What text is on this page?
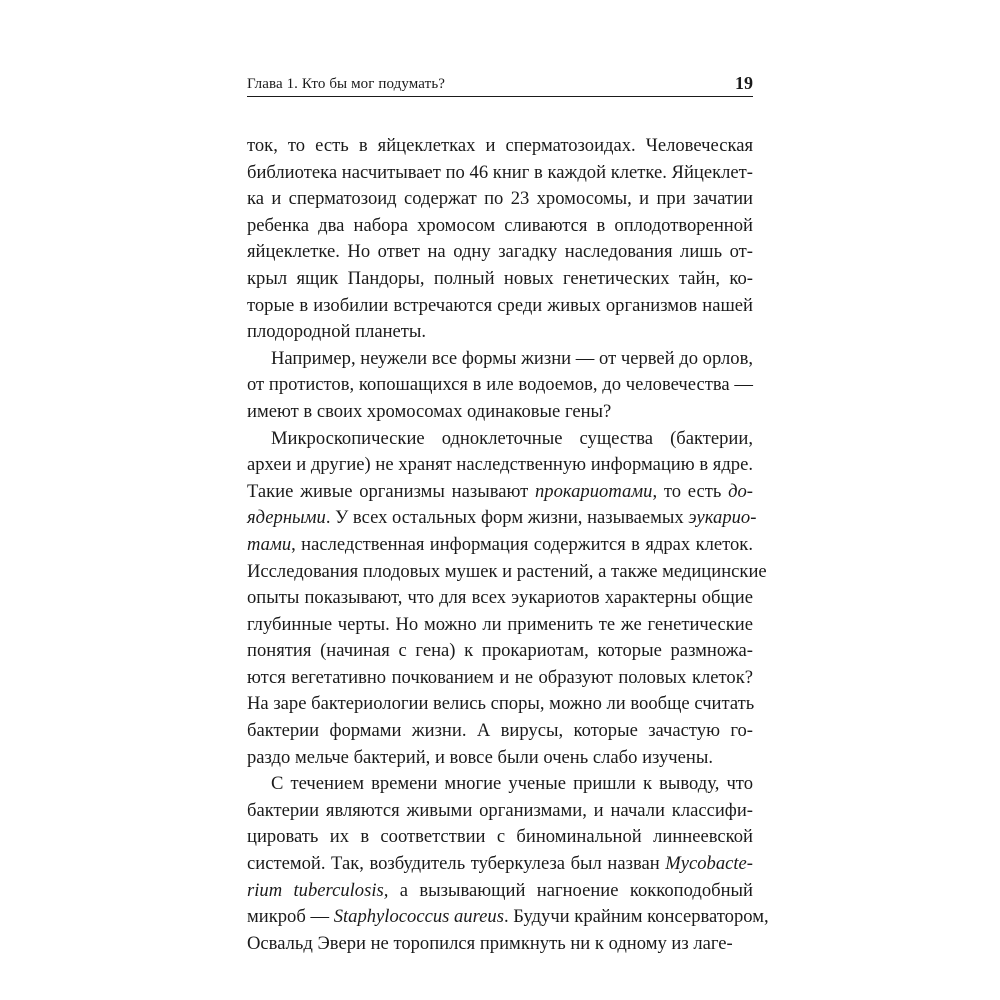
Глава 1. Кто бы мог подумать?	19
ток, то есть в яйцеклетках и сперматозоидах. Человеческая
библиотека насчитывает по 46 книг в каждой клетке. Яйцеклет-
ка и сперматозоид содержат по 23 хромосомы, и при зачатии
ребенка два набора хромосом сливаются в оплодотворенной
яйцеклетке. Но ответ на одну загадку наследования лишь от-
крыл ящик Пандоры, полный новых генетических тайн, ко-
торые в изобилии встречаются среди живых организмов нашей
плодородной планеты.
Например, неужели все формы жизни — от червей до орлов,
от протистов, копошащихся в иле водоемов, до человечества —
имеют в своих хромосомах одинаковые гены?
Микроскопические одноклеточные существа (бактерии,
археи и другие) не хранят наследственную информацию в ядре.
Такие живые организмы называют прокариотами, то есть до-
ядерными. У всех остальных форм жизни, называемых эукарио-
тами, наследственная информация содержится в ядрах клеток.
Исследования плодовых мушек и растений, а также медицинские
опыты показывают, что для всех эукариотов характерны общие
глубинные черты. Но можно ли применить те же генетические
понятия (начиная с гена) к прокариотам, которые размножа-
ются вегетативно почкованием и не образуют половых клеток?
На заре бактериологии велись споры, можно ли вообще считать
бактерии формами жизни. А вирусы, которые зачастую го-
раздо мельче бактерий, и вовсе были очень слабо изучены.
С течением времени многие ученые пришли к выводу, что
бактерии являются живыми организмами, и начали классифи-
цировать их в соответствии с биноминальной линнеевской
системой. Так, возбудитель туберкулеза был назван Mycobacte-
rium tuberculosis, а вызывающий нагноение коккоподобный
микроб — Staphylococcus aureus. Будучи крайним консерватором,
Освальд Эвери не торопился примкнуть ни к одному из лаге-
